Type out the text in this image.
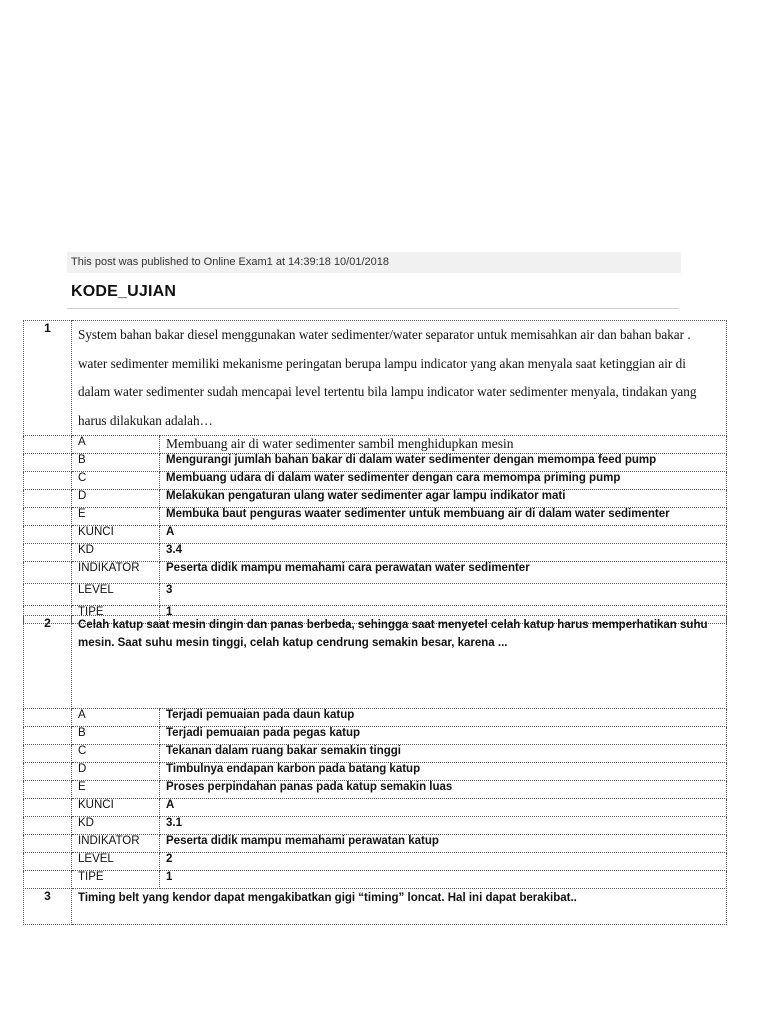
This post was published to Online Exam1 at 14:39:18 10/01/2018
KODE_UJIAN
1	System bahan bakar diesel menggunakan water sedimenter/water separator untuk memisahkan air dan bahan bakar . water sedimenter memiliki mekanisme peringatan berupa lampu indicator yang akan menyala saat ketinggian air di dalam water sedimenter sudah mencapai level tertentu bila lampu indicator water sedimenter menyala, tindakan yang harus dilakukan adalah…	
	A	Membuang air di water sedimenter sambil menghidupkan mesin
	B	Mengurangi jumlah bahan bakar di dalam water sedimenter dengan memompa feed pump
	C	Membuang udara di dalam water sedimenter dengan cara memompa priming pump
	D	Melakukan pengaturan ulang water sedimenter agar lampu indikator mati
	E	Membuka baut penguras waater sedimenter untuk membuang air di dalam water sedimenter
	KUNCI	A
	KD	3.4
	INDIKATOR	Peserta didik mampu memahami cara perawatan water sedimenter
	LEVEL	3
	TIPE	1
2	Celah katup saat mesin dingin dan panas berbeda, sehingga saat menyetel celah katup harus memperhatikan suhu mesin. Saat suhu mesin tinggi, celah katup cendrung semakin besar, karena ...	
	A	Terjadi pemuaian pada daun katup
	B	Terjadi pemuaian pada pegas katup
	C	Tekanan dalam ruang bakar semakin tinggi
	D	Timbulnya endapan karbon pada batang katup
	E	Proses perpindahan panas pada katup semakin luas
	KUNCI	A
	KD	3.1
	INDIKATOR	Peserta didik mampu memahami perawatan katup
	LEVEL	2
	TIPE	1
3	Timing belt yang kendor dapat mengakibatkan gigi “timing” loncat. Hal ini dapat berakibat..
